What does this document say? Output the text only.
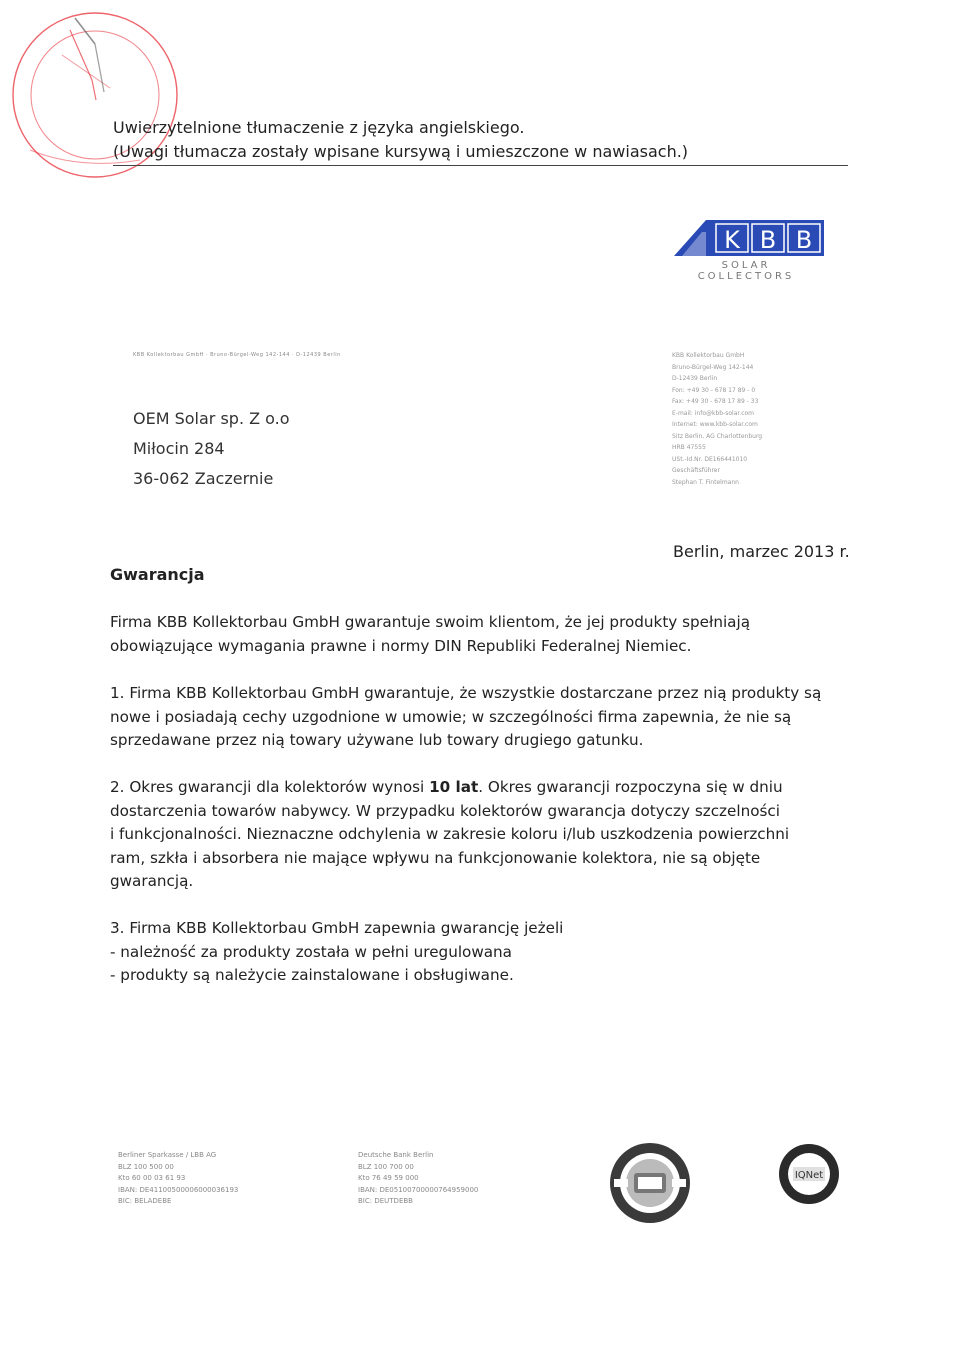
Uwierzytelnione tłumaczenie z języka angielskiego.
(Uwagi tłumacza zostały wpisane kursywą i umieszczone w nawiasach.)
K B B
SOLAR COLLECTORS
KBB Kollektorbau GmbH · Bruno-Bürgel-Weg 142-144 · D-12439 Berlin
OEM Solar sp. Z o.o
Miłocin 284
36-062 Zaczernie
KBB Kollektorbau GmbH
Bruno-Bürgel-Weg 142-144
D-12439 Berlin
Fon: +49 30 - 678 17 89 - 0
Fax: +49 30 - 678 17 89 - 33
E-mail: info@kbb-solar.com
Internet: www.kbb-solar.com
Sitz Berlin, AG Charlottenburg
HRB 47555
USt.-Id.Nr. DE166441010
Geschäftsführer
Stephan T. Fintelmann
Berlin, marzec 2013 r.
Gwarancja
Firma KBB Kollektorbau GmbH gwarantuje swoim klientom, że jej produkty spełniają
obowiązujące wymagania prawne i normy DIN Republiki Federalnej Niemiec.
1. Firma KBB Kollektorbau GmbH gwarantuje, że wszystkie dostarczane przez nią produkty są
nowe i posiadają cechy uzgodnione w umowie; w szczególności firma zapewnia, że nie są
sprzedawane przez nią towary używane lub towary drugiego gatunku.
2. Okres gwarancji dla kolektorów wynosi 10 lat. Okres gwarancji rozpoczyna się w dniu
dostarczenia towarów nabywcy. W przypadku kolektorów gwarancja dotyczy szczelności
i funkcjonalności. Nieznaczne odchylenia w zakresie koloru i/lub uszkodzenia powierzchni
ram, szkła i absorbera nie mające wpływu na funkcjonowanie kolektora, nie są objęte
gwarancją.
3. Firma KBB Kollektorbau GmbH zapewnia gwarancję jeżeli
- należność za produkty została w pełni uregulowana
- produkty są należycie zainstalowane i obsługiwane.
Berliner Sparkasse / LBB AG
BLZ 100 500 00
Kto 60 00 03 61 93
IBAN: DE41100500006000036193
BIC: BELADEBE
Deutsche Bank Berlin
BLZ 100 700 00
Kto 76 49 59 000
IBAN: DE05100700000764959000
BIC: DEUTDEBB
IQNet
